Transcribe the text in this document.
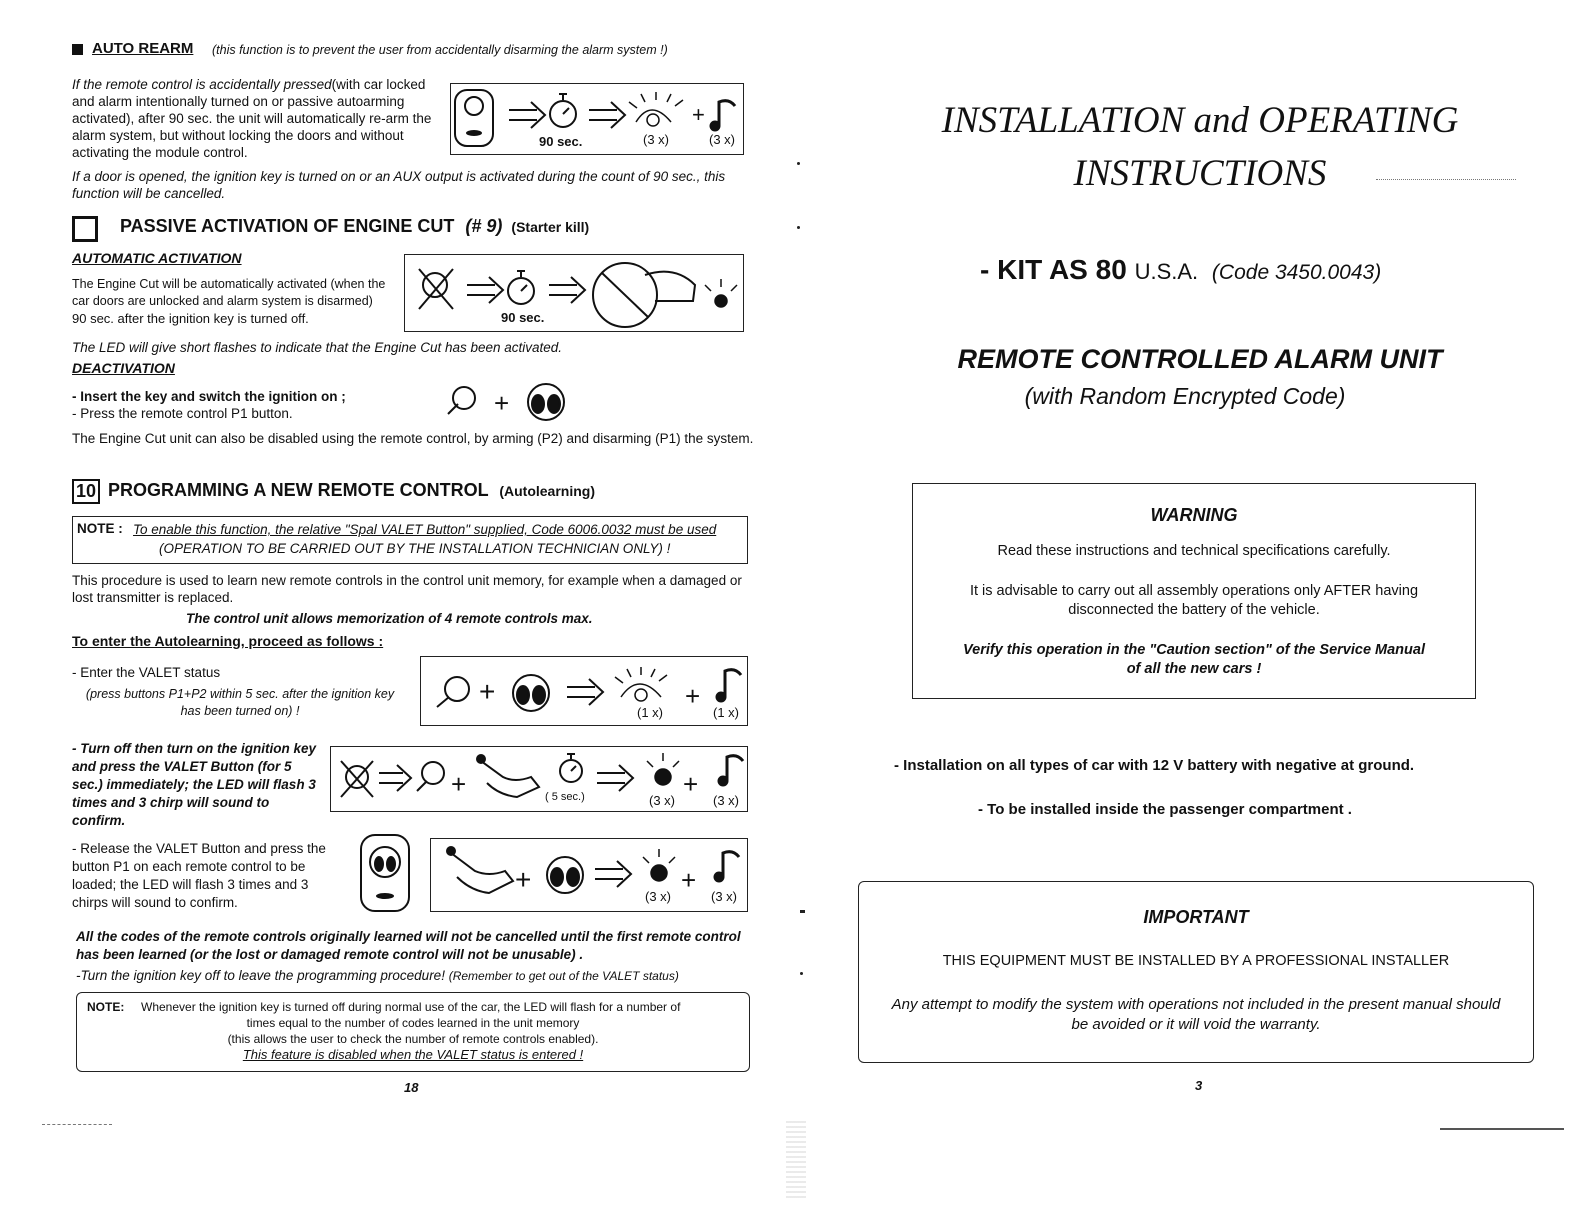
AUTO REARM (this function is to prevent the user from accidentally disarming the alarm system !)
If the remote control is accidentally pressed(with car locked and alarm intentionally turned on or passive autoarming activated), after 90 sec. the unit will automatically re-arm the alarm system, but without locking the doors and without activating the module control.
+
90 sec.	(3 x)	(3 x)
If a door is opened, the ignition key is turned on or an AUX output is activated during the count of 90 sec., this function will be cancelled.
PASSIVE ACTIVATION OF ENGINE CUT (# 9) (Starter kill)
AUTOMATIC ACTIVATION
The Engine Cut will be automatically activated (when the car doors are unlocked and alarm system is disarmed)
90 sec. after the ignition key is turned off.	90 sec.
The LED will give short flashes to indicate that the Engine Cut has been activated.
DEACTIVATION
- Insert the key and switch the ignition on ;
- Press the remote control P1 button.	+
The Engine Cut unit can also be disabled using the remote control, by arming (P2) and disarming (P1) the system.
10 PROGRAMMING A NEW REMOTE CONTROL (Autolearning)
NOTE : To enable this function, the relative "Spal VALET Button" supplied, Code 6006.0032 must be used
(OPERATION TO BE CARRIED OUT BY THE INSTALLATION TECHNICIAN ONLY) !
This procedure is used to learn new remote controls in the control unit memory, for example when a damaged or lost transmitter is replaced.
The control unit allows memorization of 4 remote controls max.
To enter the Autolearning, proceed as follows :
- Enter the VALET status
(press buttons P1+P2 within 5 sec. after the ignition key has been turned on) !
+	+
(1 x)	(1 x)
- Turn off then turn on the ignition key and press the VALET Button (for 5 sec.) immediately; the LED will flash 3 times and 3 chirp will sound to confirm.
+	+
( 5 sec.)	(3 x)	(3 x)
- Release the VALET Button and press the button P1 on each remote control to be loaded; the LED will flash 3 times and 3 chirps will sound to confirm.
+	+
(3 x)	(3 x)
All the codes of the remote controls originally learned will not be cancelled until the first remote control has been learned (or the lost or damaged remote control will not be unusable) .
-Turn the ignition key off to leave the programming procedure! (Remember to get out of the VALET status)
NOTE: Whenever the ignition key is turned off during normal use of the car, the LED will flash for a number of
times equal to the number of codes learned in the unit memory
(this allows the user to check the number of remote controls enabled).
This feature is disabled when the VALET status is entered !
18
INSTALLATION and OPERATING
INSTRUCTIONS
- KIT AS 80 U.S.A. (Code 3450.0043)
REMOTE CONTROLLED ALARM UNIT
(with Random Encrypted Code)
WARNING
Read these instructions and technical specifications carefully.
It is advisable to carry out all assembly operations only AFTER having
disconnected the battery of the vehicle.
Verify this operation in the "Caution section" of the Service Manual
of all the new cars !
- Installation on all types of car with 12 V battery with negative at ground.
- To be installed inside the passenger compartment .
IMPORTANT
THIS EQUIPMENT MUST BE INSTALLED BY A PROFESSIONAL INSTALLER
Any attempt to modify the system with operations not included in the present manual should
be avoided or it will void the warranty.
3
